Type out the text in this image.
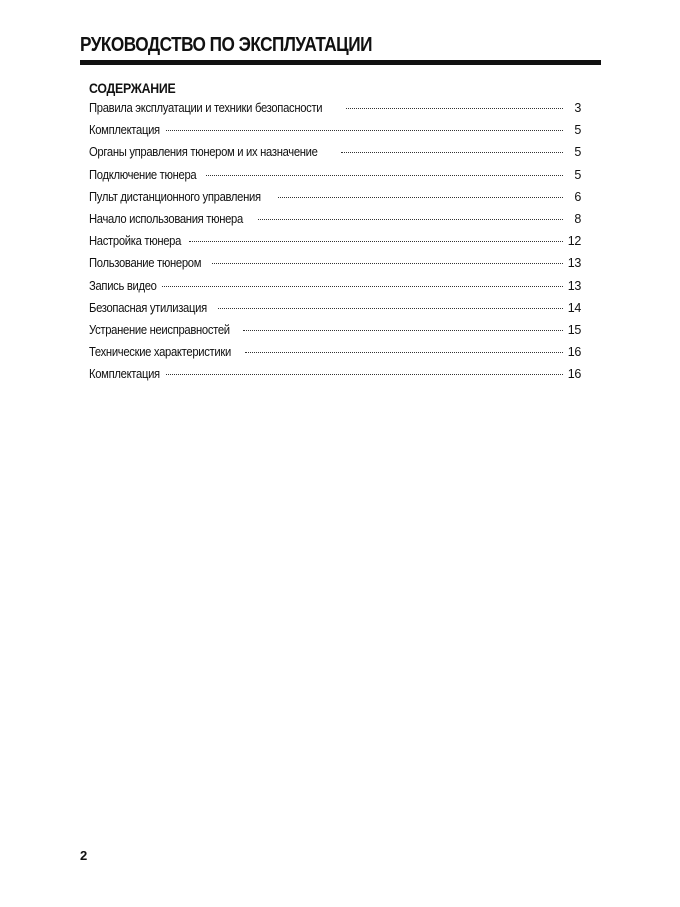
РУКОВОДСТВО ПО ЭКСПЛУАТАЦИИ
СОДЕРЖАНИЕ
Правила эксплуатации и техники безопасности	3
Комплектация	5
Органы управления тюнером и их назначение	5
Подключение тюнера	5
Пульт дистанционного управления	6
Начало использования тюнера	8
Настройка тюнера	12
Пользование тюнером	13
Запись видео	13
Безопасная утилизация	14
Устранение неисправностей	15
Технические характеристики	16
Комплектация	16
2
